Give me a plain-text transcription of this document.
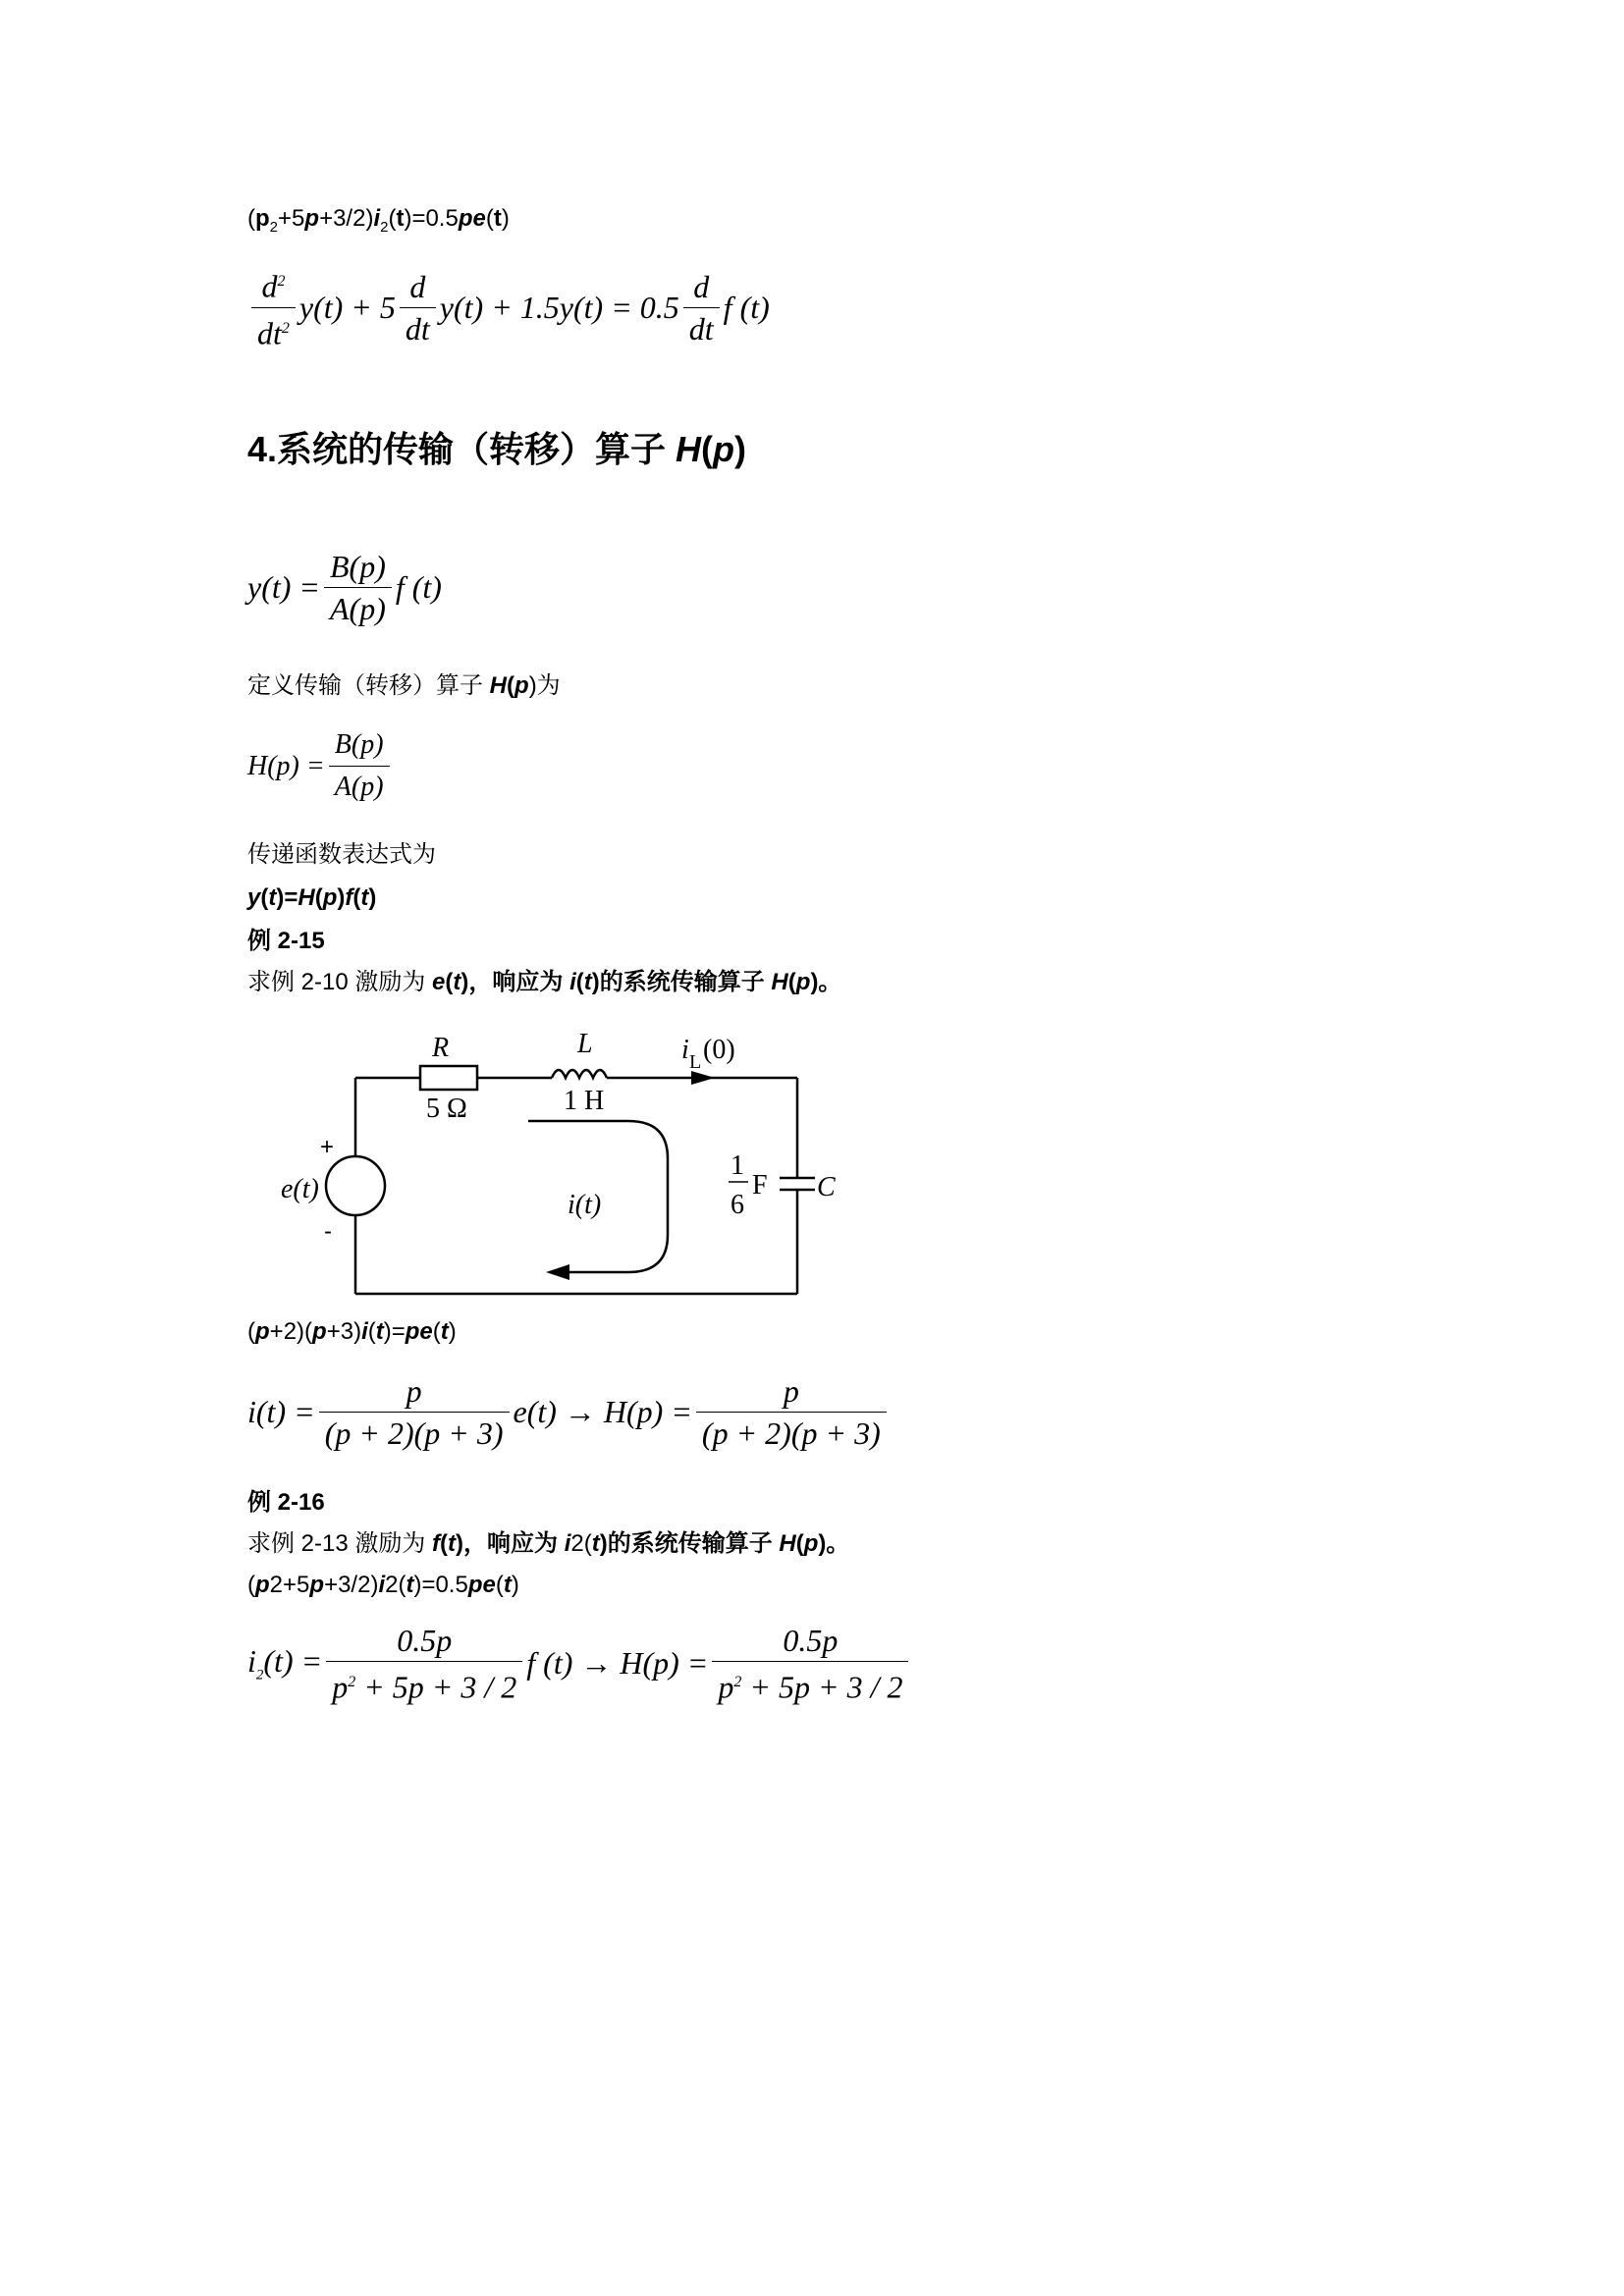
$(p_2+5p+3/2)i_2(t)=0.5pe(t)$
$\frac{d^2}{dt^2} y(t) + 5 \frac{d}{dt} y(t) + 1.5y(t) = 0.5 \frac{d}{dt}$ f (t)
4.系统的传输（转移）算子 H(p)
$y(t) = \frac{B(p)}{A(p)}$ f (t)
定义传输（转移）算子 H(p)为
$H(p) = \frac{B(p)}{A(p)}$
传递函数表达式为
y(t)=H(p)f(t)
例 2-15
求例 2-10 激励为 e(t)，响应为 i(t)的系统传输算子 H(p)。
R
5 Ω
L
1 H
i L (0)
+
-
e(t)
i(t)
1
6
F C
(p+2)(p+3)i(t)=pe(t)
$i(t) = \frac{p}{(p + 2)(p + 3)} e(t) \to H(p) = \frac{p}{(p + 2)(p + 3)}$
例 2-16
求例 2-13 激励为 f(t)，响应为 i2(t)的系统传输算子 H(p)。
(p2+5p+3/2)i2(t)=0.5pe(t)
$i_2(t) = \frac{0.5p}{p^2 + 5p + 3 / 2}$ f $(t) \to H(p) = \frac{0.5p}{p^2 + 5p + 3 / 2}$
